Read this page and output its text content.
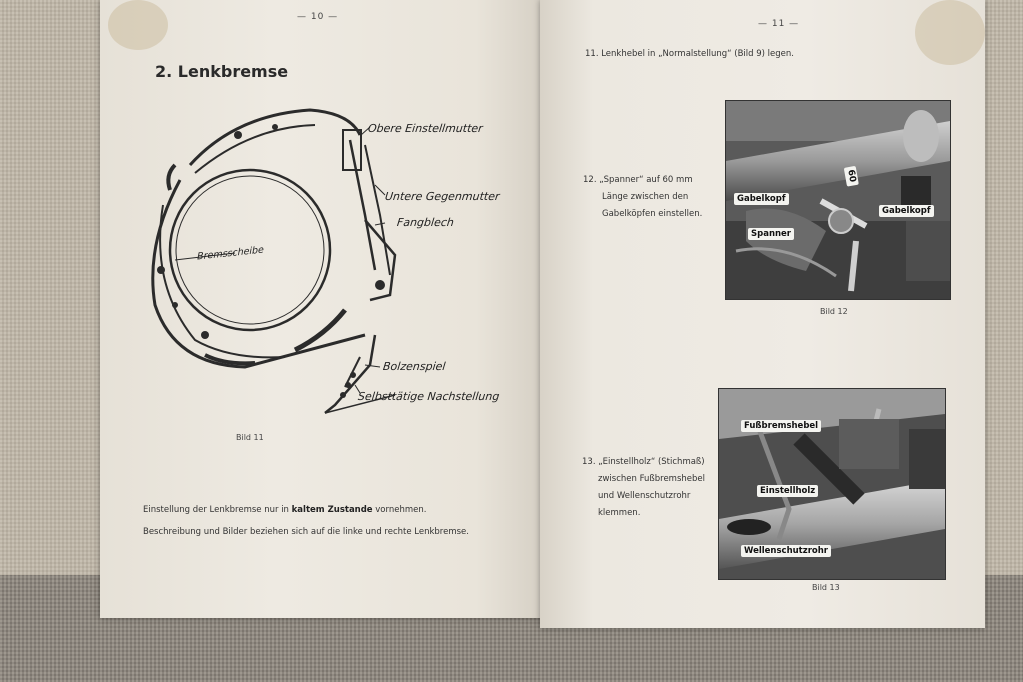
— 10 —
2. Lenkbremse
Obere Einstellmutter
Untere Gegenmutter
Fangblech
Bremsscheibe
Bolzenspiel
Selbsttätige Nachstellung
Bild 11
Einstellung der Lenkbremse nur in kaltem Zustande vornehmen.
Beschreibung und Bilder beziehen sich auf die linke und rechte Lenkbremse.
— 11 —
11. Lenkhebel in „Normalstellung“ (Bild 9) legen.
12. „Spanner“ auf 60 mm
Länge zwischen den
Gabelköpfen einstellen.
Gabelkopf
Gabelkopf
Spanner
60
Bild 12
13. „Einstellholz“ (Stichmaß)
zwischen Fußbremshebel
und Wellenschutzrohr
klemmen.
Fußbremshebel
Einstellholz
Wellenschutzrohr
Bild 13
